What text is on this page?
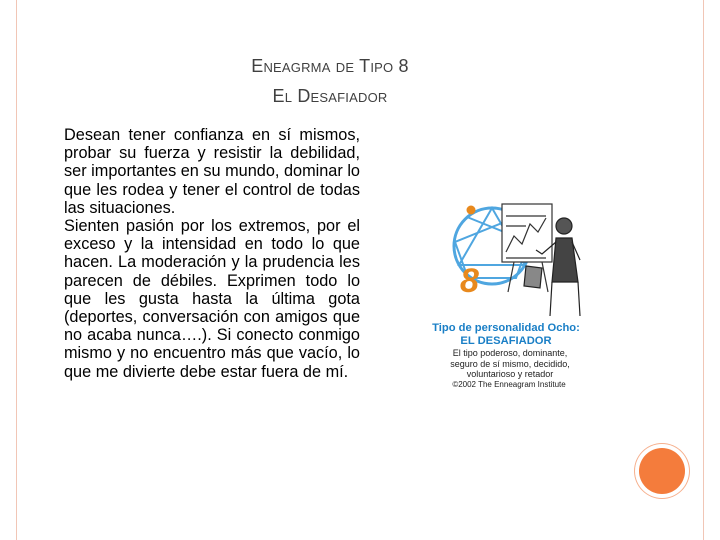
Eneagrma de Tipo 8
El Desafiador

Desean tener confianza en sí mismos, probar su fuerza y resistir la debilidad, ser importantes en su mundo, dominar lo que les rodea y tener el control de todas las situaciones.

Sienten pasión por los extremos, por el exceso y la intensidad en todo lo que hacen. La moderación y la prudencia les parecen de débiles. Exprimen todo lo que les gusta hasta la última gota (deportes, conversación con amigos que no acaba nunca….). Si conecto conmigo mismo y no encuentro más que vacío, lo que me divierte debe estar fuera de mí.

8
Tipo de personalidad Ocho:
EL DESAFIADOR
El tipo poderoso, dominante, seguro de sí mismo, decidido, voluntarioso y retador
©2002 The Enneagram Institute
